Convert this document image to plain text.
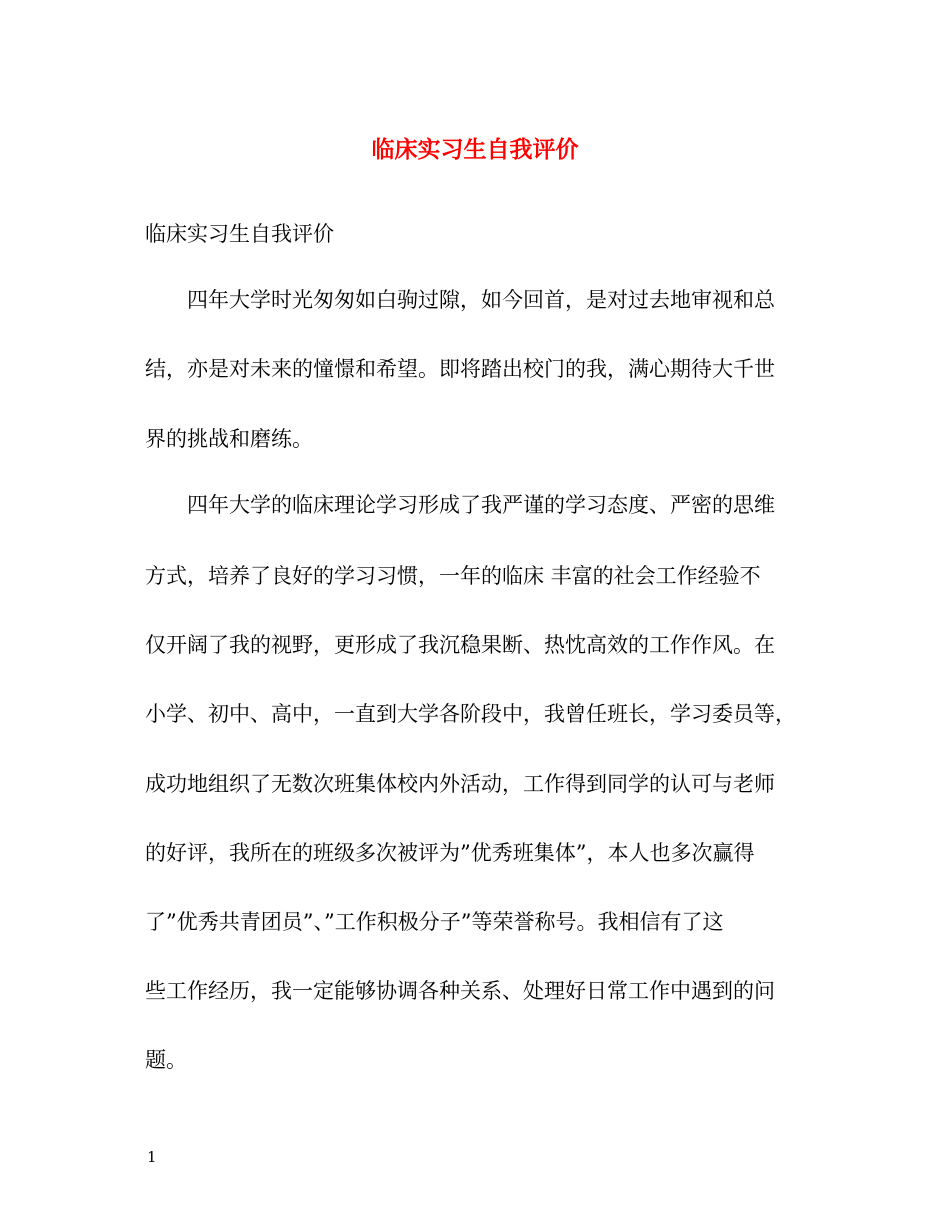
临床实习生自我评价

临床实习生自我评价

四年大学时光匆匆如白驹过隙，如今回首，是对过去地审视和总

结，亦是对未来的憧憬和希望。即将踏出校门的我，满心期待大千世

界的挑战和磨练。

四年大学的临床理论学习形成了我严谨的学习态度、严密的思维

方式，培养了良好的学习习惯，一年的临床 丰富的社会工作经验不

仅开阔了我的视野，更形成了我沉稳果断、热忱高效的工作作风。在

小学、初中、高中，一直到大学各阶段中，我曾任班长，学习委员等，

成功地组织了无数次班集体校内外活动，工作得到同学的认可与老师

的好评，我所在的班级多次被评为”优秀班集体”，本人也多次赢得

了”优秀共青团员”、”工作积极分子”等荣誉称号。我相信有了这

些工作经历，我一定能够协调各种关系、处理好日常工作中遇到的问

题。

1
